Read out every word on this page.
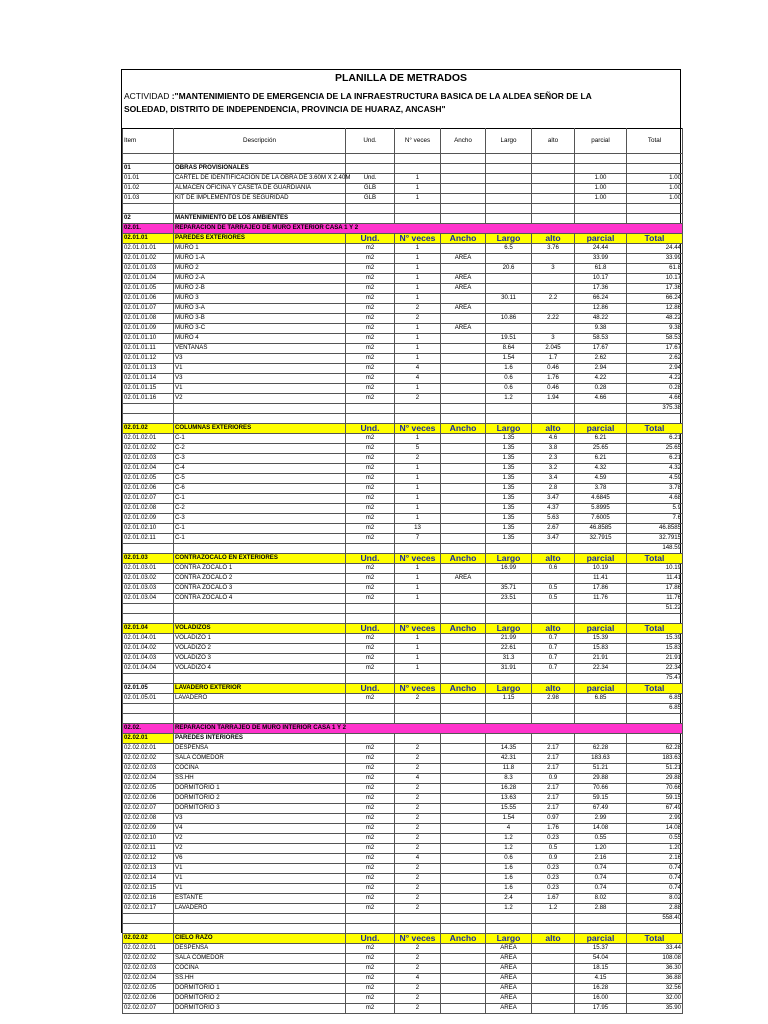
PLANILLA DE METRADOS
ACTIVIDAD :"MANTENIMIENTO DE EMERGENCIA DE LA INFRAESTRUCTURA BASICA DE LA ALDEA SEÑOR DE LA
SOLEDAD, DISTRITO DE INDEPENDENCIA, PROVINCIA DE HUARAZ, ANCASH"
Item	Descripción	Und.	N° veces	Ancho	Largo	alto	parcial	Total

01	OBRAS PROVISIONALES							
01.01	CARTEL DE IDENTIFICACION DE LA OBRA DE 3.60M X 2.40M	Und.	1				1.00	1.00
01.02	ALMACEN OFICINA Y CASETA DE GUARDIANIA	GLB	1				1.00	1.00
01.03	KIT DE IMPLEMENTOS DE SEGURIDAD	GLB	1				1.00	1.00

02	MANTENIMIENTO DE LOS AMBIENTES							
02.01.	REPARACION DE TARRAJEO DE MURO EXTERIOR CASA 1 Y 2							
02.01.01	PAREDES EXTERIORES	Und.	N° veces	Ancho	Largo	alto	parcial	Total
02.01.01.01	MURO 1	m2	1		6.5	3.76	24.44	24.44
02.01.01.02	MURO 1-A	m2	1	AREA			33.99	33.99
02.01.01.03	MURO 2	m2	1		20.6	3	61.8	61.8
02.01.01.04	MURO 2-A	m2	1	AREA			10.17	10.17
02.01.01.05	MURO 2-B	m2	1	AREA			17.36	17.36
02.01.01.06	MURO 3	m2	1		30.11	2.2	66.24	66.24
02.01.01.07	MURO 3-A	m2	2	AREA			12.86	12.86
02.01.01.08	MURO 3-B	m2	2		10.86	2.22	48.22	48.22
02.01.01.09	MURO 3-C	m2	1	AREA			9.38	9.38
02.01.01.10	MURO 4	m2	1		19.51	3	58.53	58.53
02.01.01.11	VENTANAS	m2	1		8.64	2.045	17.67	17.67
02.01.01.12	V3	m2	1		1.54	1.7	2.62	2.62
02.01.01.13	V1	m2	4		1.6	0.46	2.94	2.94
02.01.01.14	V3	m2	4		0.6	1.76	4.22	4.22
02.01.01.15	V1	m2	1		0.6	0.46	0.28	0.28
02.01.01.16	V2	m2	2		1.2	1.94	4.66	4.66
								375.38

02.01.02	COLUMNAS EXTERIORES	Und.	N° veces	Ancho	Largo	alto	parcial	Total
02.01.02.01	C-1	m2	1		1.35	4.6	6.21	6.21
02.01.02.02	C-2	m2	5		1.35	3.8	25.65	25.65
02.01.02.03	C-3	m2	2		1.35	2.3	6.21	6.21
02.01.02.04	C-4	m2	1		1.35	3.2	4.32	4.32
02.01.02.05	C-5	m2	1		1.35	3.4	4.59	4.59
02.01.02.06	C-6	m2	1		1.35	2.8	3.78	3.78
02.01.02.07	C-1	m2	1		1.35	3.47	4.6845	4.68
02.01.02.08	C-2	m2	1		1.35	4.37	5.8995	5.9
02.01.02.09	C-3	m2	1		1.35	5.63	7.6005	7.6
02.01.02.10	C-1	m2	13		1.35	2.67	46.8585	46.8585
02.01.02.11	C-1	m2	7		1.35	3.47	32.7915	32.7915
								148.59
02.01.03	CONTRAZOCALO EN EXTERIORES	Und.	N° veces	Ancho	Largo	alto	parcial	Total
02.01.03.01	CONTRA ZOCALO 1	m2	1		16.99	0.6	10.19	10.19
02.01.03.02	CONTRA ZOCALO 2	m2	1	AREA			11.41	11.41
02.01.03.03	CONTRA ZOCALO 3	m2	1		35.71	0.5	17.86	17.86
02.01.03.04	CONTRA ZOCALO 4	m2	1		23.51	0.5	11.76	11.76
								51.22

02.01.04	VOLADIZOS	Und.	N° veces	Ancho	Largo	alto	parcial	Total
02.01.04.01	VOLADIZO 1	m2	1		21.99	0.7	15.39	15.39
02.01.04.02	VOLADIZO 2	m2	1		22.61	0.7	15.83	15.83
02.01.04.03	VOLADIZO 3	m2	1		31.3	0.7	21.91	21.91
02.01.04.04	VOLADIZO 4	m2	1		31.91	0.7	22.34	22.34
								75.47
02.01.05	LAVADERO EXTERIOR	Und.	N° veces	Ancho	Largo	alto	parcial	Total
02.01.05.01	LAVADERO	m2	2		1.15	2.98	6.85	6.85
								6.85

02.02.	REPARACION TARRAJEO DE MURO INTERIOR CASA 1 Y 2							
02.02.01	PAREDES INTERIORES							
02.02.02.01	DESPENSA	m2	2		14.35	2.17	62.28	62.28
02.02.02.02	SALA COMEDOR	m2	2		42.31	2.17	183.63	183.63
02.02.02.03	COCINA	m2	2		11.8	2.17	51.21	51.21
02.02.02.04	SS.HH	m2	4		8.3	0.9	29.88	29.88
02.02.02.05	DORMITORIO 1	m2	2		16.28	2.17	70.66	70.66
02.02.02.06	DORMITORIO 2	m2	2		13.63	2.17	59.15	59.15
02.02.02.07	DORMITORIO 3	m2	2		15.55	2.17	67.49	67.49
02.02.02.08	V3	m2	2		1.54	0.97	2.99	2.99
02.02.02.09	V4	m2	2		4	1.76	14.08	14.08
02.02.02.10	V2	m2	2		1.2	0.23	0.55	0.55
02.02.02.11	V2	m2	2		1.2	0.5	1.20	1.20
02.02.02.12	V6	m2	4		0.6	0.9	2.16	2.16
02.02.02.13	V1	m2	2		1.6	0.23	0.74	0.74
02.02.02.14	V1	m2	2		1.6	0.23	0.74	0.74
02.02.02.15	V1	m2	2		1.6	0.23	0.74	0.74
02.02.02.16	ESTANTE	m2	2		2.4	1.67	8.02	8.02
02.02.02.17	LAVADERO	m2	2		1.2	1.2	2.88	2.88
								558.40

02.02.02	CIELO RAZO	Und.	N° veces	Ancho	Largo	alto	parcial	Total
02.02.02.01	DESPENSA	m2	2		AREA		15.37	33.44
02.02.02.02	SALA COMEDOR	m2	2		AREA		54.04	108.08
02.02.02.03	COCINA	m2	2		AREA		18.15	36.30
02.02.02.04	SS.HH	m2	4		AREA		4.15	36.88
02.02.02.05	DORMITORIO 1	m2	2		AREA		16.28	32.56
02.02.02.06	DORMITORIO 2	m2	2		AREA		16.00	32.00
02.02.02.07	DORMITORIO 3	m2	2		AREA		17.95	35.90
